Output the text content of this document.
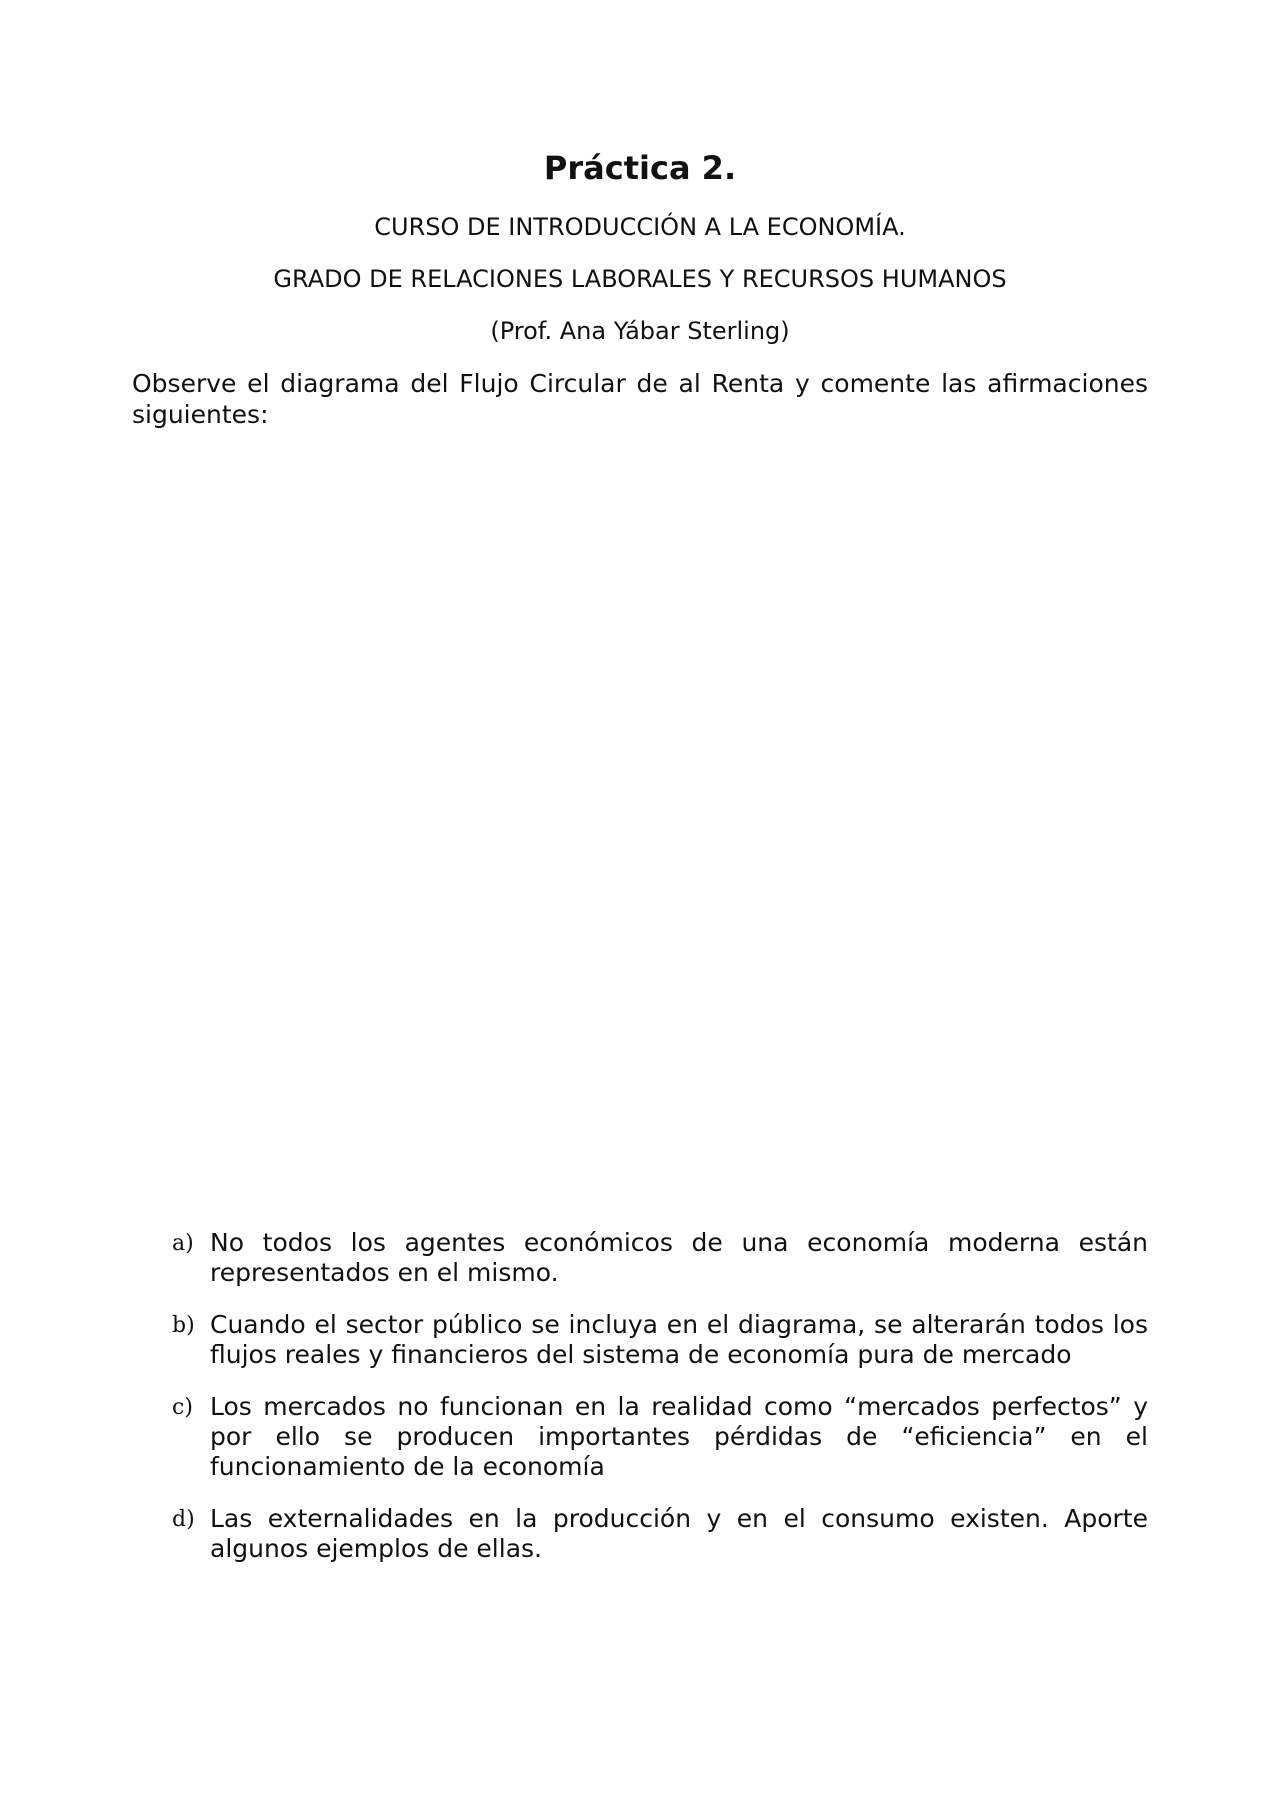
Práctica 2.
CURSO DE INTRODUCCIÓN A LA ECONOMÍA.
GRADO DE RELACIONES LABORALES Y RECURSOS HUMANOS
(Prof. Ana Yábar Sterling)
Observe el diagrama del Flujo Circular de al Renta y comente las afirmaciones siguientes:
a) No todos los agentes económicos de una economía moderna están representados en el mismo.
b) Cuando el sector público se incluya en el diagrama, se alterarán todos los flujos reales y financieros del sistema de economía pura de mercado
c) Los mercados no funcionan en la realidad como “mercados perfectos” y por ello se producen importantes pérdidas de “eficiencia” en el funcionamiento de la economía
d) Las externalidades en la producción y en el consumo existen. Aporte algunos ejemplos de ellas.
